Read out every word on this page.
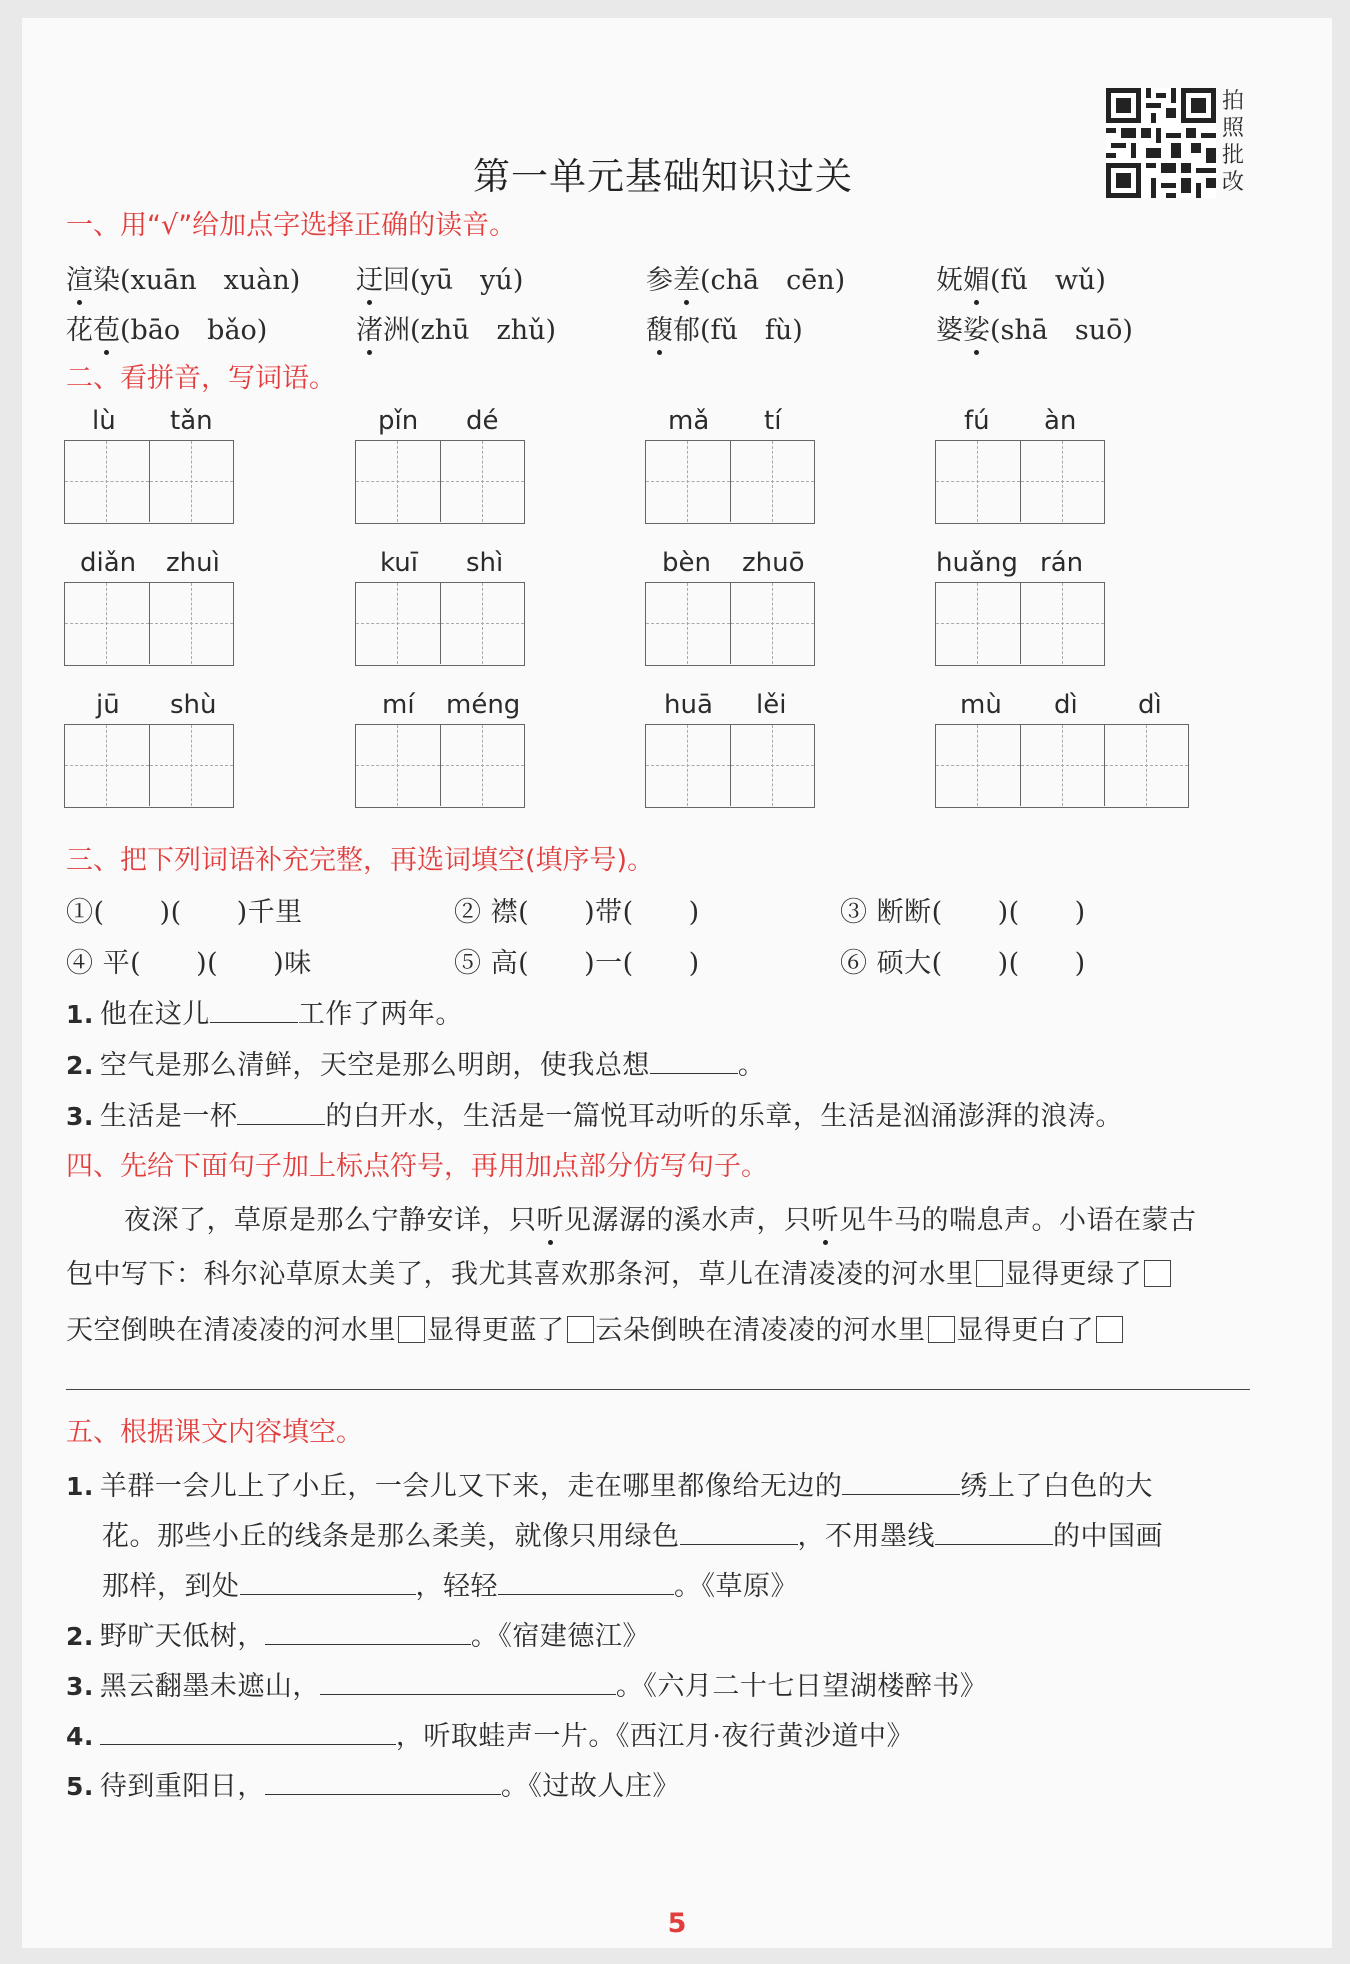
第一单元基础知识过关
拍照批改
一、用“√”给加点字选择正确的读音。
渲染(xuān　xuàn) 迂回(yū　yú)	参差(chā　cēn)	妩媚(fǔ　wǔ)
花苞(bāo　bǎo)	渚洲(zhū　zhǔ)	馥郁(fǔ　fù)	婆娑(shā　suō)
二、看拼音，写词语。
lù tǎn	pǐn dé	mǎ tí	fú àn
diǎn zhuì	kuī shì	bèn zhuō	huǎng rán
jū shù	mí méng	huā lěi	mù dì dì
三、把下列词语补充完整，再选词填空(填序号)。
①(　　)(　　)千里	② 襟(　　)带(　　)	③ 断断(　　)(　　)
④ 平(　　)(　　)味	⑤ 高(　　)一(　　)	⑥ 硕大(　　)(　　)
1. 他在这儿	工作了两年。
2. 空气是那么清鲜，天空是那么明朗，使我总想	。
3. 生活是一杯	的白开水，生活是一篇悦耳动听的乐章，生活是汹涌澎湃的浪涛。
四、先给下面句子加上标点符号，再用加点部分仿写句子。
夜深了，草原是那么宁静安详，只听见潺潺的溪水声，只听见牛马的喘息声。小语在蒙古
包中写下：科尔沁草原太美了，我尤其喜欢那条河，草儿在清凌凌的河水里 显得更绿了
天空倒映在清凌凌的河水里 显得更蓝了 云朵倒映在清凌凌的河水里 显得更白了
五、根据课文内容填空。
1. 羊群一会儿上了小丘，一会儿又下来，走在哪里都像给无边的	绣上了白色的大
花。那些小丘的线条是那么柔美，就像只用绿色	，不用墨线	的中国画
那样，到处	，轻轻	。《草原》
2. 野旷天低树，	。《宿建德江》
3. 黑云翻墨未遮山，	。《六月二十七日望湖楼醉书》
4.	，听取蛙声一片。《西江月·夜行黄沙道中》
5. 待到重阳日，	。《过故人庄》
5
